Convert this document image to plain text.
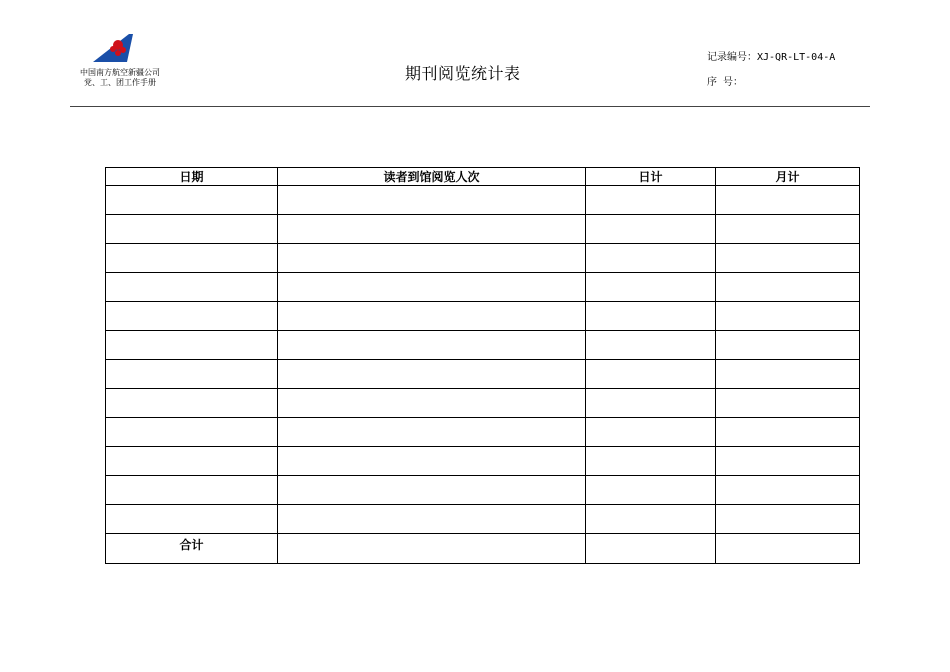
中国南方航空新疆公司
党、工、团工作手册	期刊阅览统计表
记录编号：XJ-QR-LT-04-A
序 号：
日期	读者到馆阅览人次	日计	月计

合计			
